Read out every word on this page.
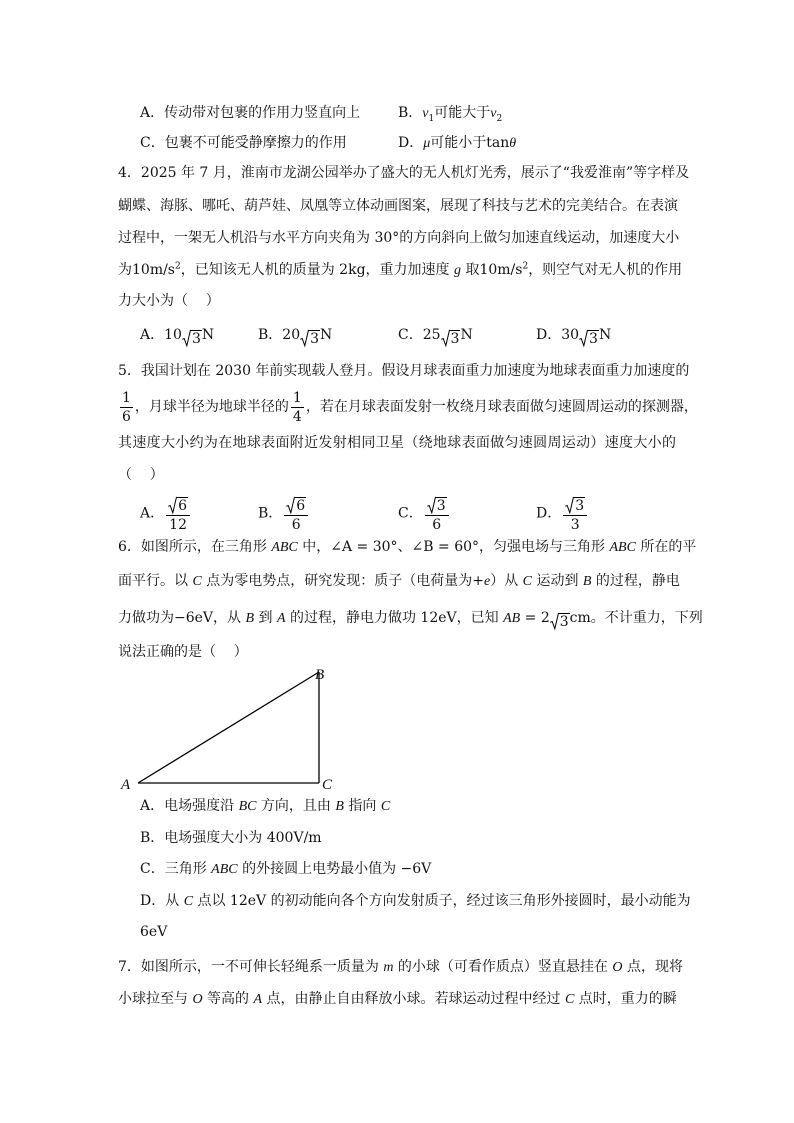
A．传动带对包裹的作用力竖直向上	B．$v_1$可能大于$v_2$
C．包裹不可能受静摩擦力的作用	D．μ可能小于tanθ
4．2025 年 7 月，淮南市龙湖公园举办了盛大的无人机灯光秀，展示了“我爱淮南”等字样及
蝴蝶、海豚、哪吒、葫芦娃、凤凰等立体动画图案，展现了科技与艺术的完美结合。在表演
过程中，一架无人机沿与水平方向夹角为 30°的方向斜向上做匀加速直线运动，加速度大小
为$10m/s^2$，已知该无人机的质量为 2kg，重力加速度 g 取$10m/s^2$，则空气对无人机的作用
力大小为（    ）
A．10 3N	B．20 3N	C．25 3N	D．30 3N
5．我国计划在 2030 年前实现载人登月。假设月球表面重力加速度为地球表面重力加速度的
$\frac{1}{6}$ ，月球半径为地球半径的 $\frac{1}{4}$ ，若在月球表面发射一枚绕月球表面做匀速圆周运动的探测器，
其速度大小约为在地球表面附近发射相同卫星（绕地球表面做匀速圆周运动）速度大小的
（    ）
A． $\frac{6}{12}$	B． $\frac{6}{6}$	C． $\frac{3}{6}$	D． $\frac{3}{3}$
6．如图所示，在三角形 ABC 中，∠A = 30°、∠B = 60°，匀强电场与三角形 ABC 所在的平
面平行。以 C 点为零电势点，研究发现：质子（电荷量为+e）从 C 运动到 B 的过程，静电
力做功为−6eV，从 B 到 A 的过程，静电力做功 12eV，已知 AB = 2 3cm。不计重力，下列
说法正确的是（    ）
A
B
C
A．电场强度沿 BC 方向，且由 B 指向 C
B．电场强度大小为 400V/m
C．三角形 ABC 的外接圆上电势最小值为 −6V
D．从 C 点以 12eV 的初动能向各个方向发射质子，经过该三角形外接圆时，最小动能为
6eV
7．如图所示，一不可伸长轻绳系一质量为 m 的小球（可看作质点）竖直悬挂在 O 点，现将
小球拉至与 O 等高的 A 点，由静止自由释放小球。若球运动过程中经过 C 点时，重力的瞬
